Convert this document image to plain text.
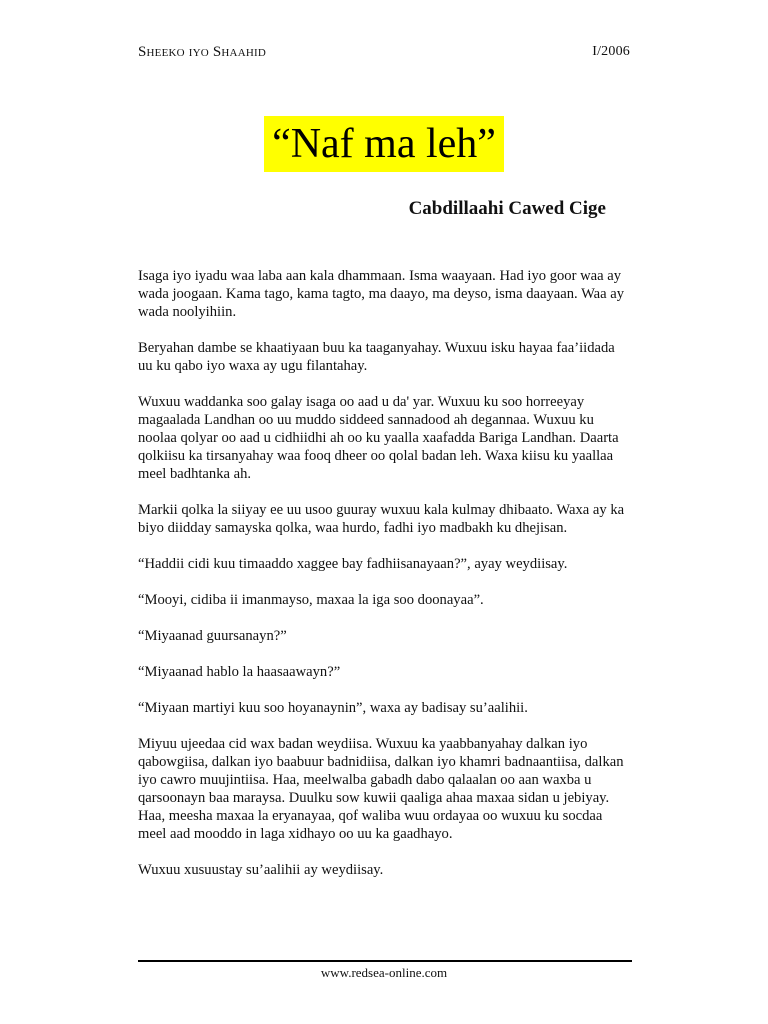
Sheeko iyo Shaahid	I/2006
“Naf ma leh”
Cabdillaahi Cawed Cige

Isaga iyo iyadu waa laba aan kala dhammaan. Isma waayaan. Had iyo goor waa ay wada joogaan. Kama tago, kama tagto, ma daayo, ma deyso, isma daayaan. Waa ay wada noolyihiin.

Beryahan dambe se khaatiyaan buu ka taaganyahay. Wuxuu isku hayaa faa’iidada uu ku qabo iyo waxa ay ugu filantahay.

Wuxuu waddanka soo galay isaga oo aad u da' yar. Wuxuu ku soo horreeyay magaalada Landhan oo uu muddo siddeed sannadood ah degannaa. Wuxuu ku noolaa qolyar oo aad u cidhiidhi ah oo ku yaalla xaafadda Bariga Landhan. Daarta qolkiisu ka tirsanyahay waa fooq dheer oo qolal badan leh. Waxa kiisu ku yaallaa meel badhtanka ah.

Markii qolka la siiyay ee uu usoo guuray wuxuu kala kulmay dhibaato. Waxa ay ka biyo diidday samayska qolka, waa hurdo, fadhi iyo madbakh ku dhejisan.

“Haddii cidi kuu timaaddo xaggee bay fadhiisanayaan?”, ayay weydiisay.

“Mooyi, cidiba ii imanmayso, maxaa la iga soo doonayaa”.

“Miyaanad guursanayn?”

“Miyaanad hablo la haasaawayn?”

“Miyaan martiyi kuu soo hoyanaynin”, waxa ay badisay su’aalihii.

Miyuu ujeedaa cid wax badan weydiisa. Wuxuu ka yaabbanyahay dalkan iyo qabowgiisa, dalkan iyo baabuur badnidiisa, dalkan iyo khamri badnaantiisa, dalkan iyo cawro muujintiisa. Haa, meelwalba gabadh dabo qalaalan oo aan waxba u qarsoonayn baa maraysa. Duulku sow kuwii qaaliga ahaa maxaa sidan u jebiyay. Haa, meesha maxaa la eryanayaa, qof waliba wuu ordayaa oo wuxuu ku socdaa meel aad mooddo in laga xidhayo oo uu ka gaadhayo.

Wuxuu xusuustay su’aalihii ay weydiisay.

www.redsea-online.com
